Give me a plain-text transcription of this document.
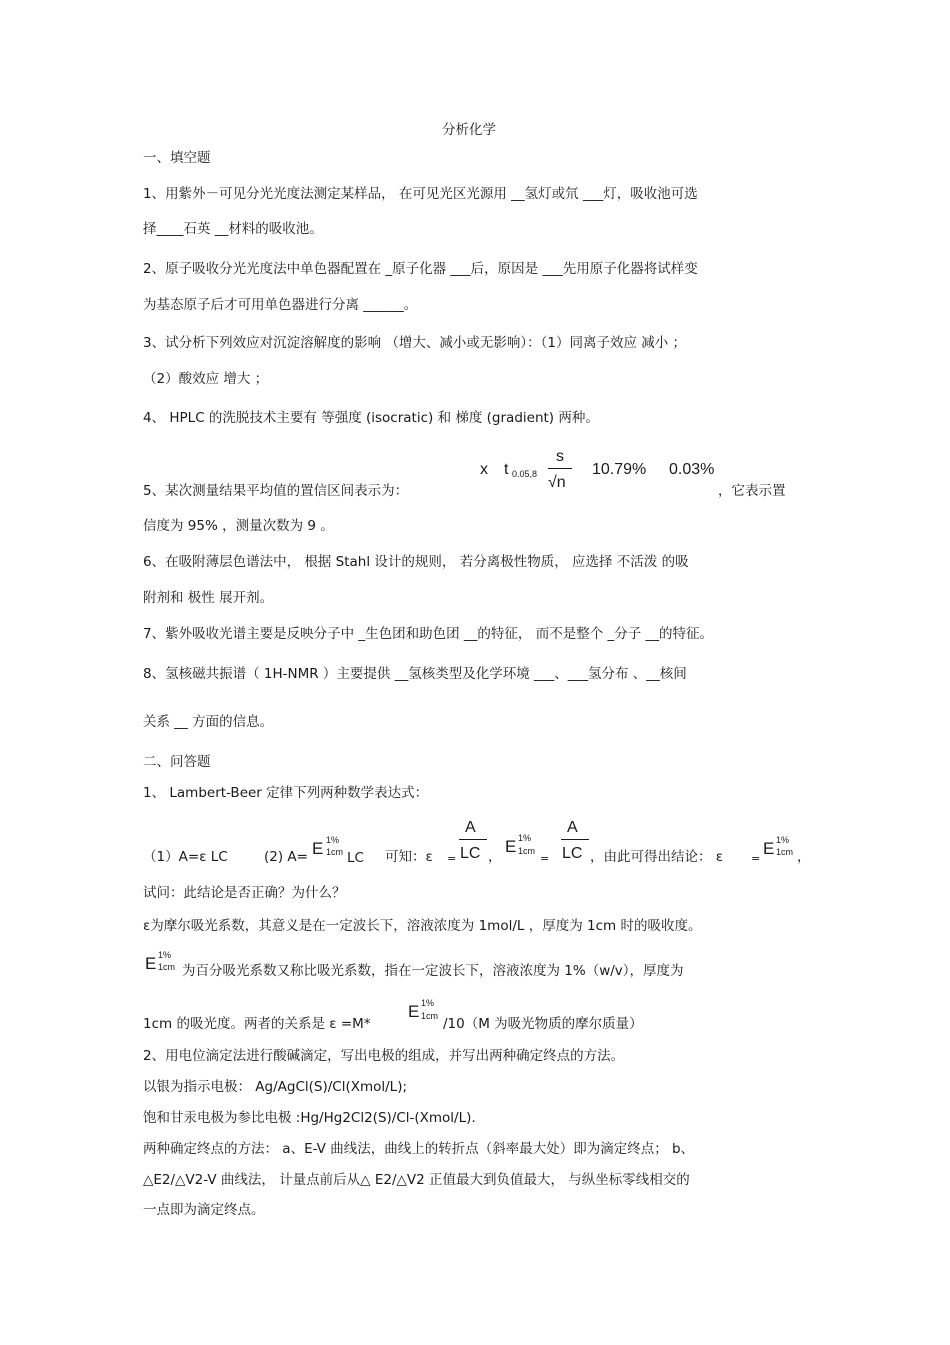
分析化学
一、填空题
1、用紫外－可见分光光度法测定某样品， 在可见光区光源用 __氢灯或氘 ___灯，吸收池可选
择____石英 __材料的吸收池。
2、原子吸收分光光度法中单色器配置在 _原子化器 ___后，原因是 ___先用原子化器将试样变
为基态原子后才可用单色器进行分离 ______。
3、试分析下列效应对沉淀溶解度的影响 （增大、减小或无影响）：（1）同离子效应 减小 ；
（2）酸效应 增大 ；
4、 HPLC 的洗脱技术主要有 等强度 (isocratic) 和 梯度 (gradient) 两种。
5、某次测量结果平均值的置信区间表示为：
x t 0.05,8
s
√n
10.79% 0.03%
，它表示置
信度为 95% ，测量次数为 9 。
6、在吸附薄层色谱法中， 根据 Stahl 设计的规则， 若分离极性物质， 应选择 不活泼 的吸
附剂和 极性 展开剂。
7、紫外吸收光谱主要是反映分子中 _生色团和助色团 __的特征， 而不是整个 _分子 __的特征。
8、氢核磁共振谱（ 1H-NMR ）主要提供 __氢核类型及化学环境 ___、___氢分布 、__核间
关系 __ 方面的信息。
二、问答题
1、 Lambert-Beer 定律下列两种数学表达式：
（1）A=ε LC	(2) A= E 1%
1cm LC 可知：ε =
A
LC ，
E 1%
1cm
=
A
LC ，由此可得出结论： ε	=
E 1%
1cm ，
试问：此结论是否正确？为什么？
ε为摩尔吸光系数，其意义是在一定波长下，溶液浓度为 1mol/L ，厚度为 1cm 时的吸收度。
E 1%
1cm 为百分吸光系数又称比吸光系数，指在一定波长下，溶液浓度为 1%（w/v），厚度为
1cm 的吸光度。两者的关系是 ε =M*
E 1%
1cm /10（M 为吸光物质的摩尔质量）
2、用电位滴定法进行酸碱滴定，写出电极的组成，并写出两种确定终点的方法。
以银为指示电极： Ag/AgCl(S)/Cl(Xmol/L);
饱和甘汞电极为参比电极 :Hg/Hg2Cl2(S)/Cl-(Xmol/L).
两种确定终点的方法： a、E-V 曲线法，曲线上的转折点（斜率最大处）即为滴定终点； b、
△E2/△V2-V 曲线法， 计量点前后从△ E2/△V2 正值最大到负值最大， 与纵坐标零线相交的
一点即为滴定终点。
